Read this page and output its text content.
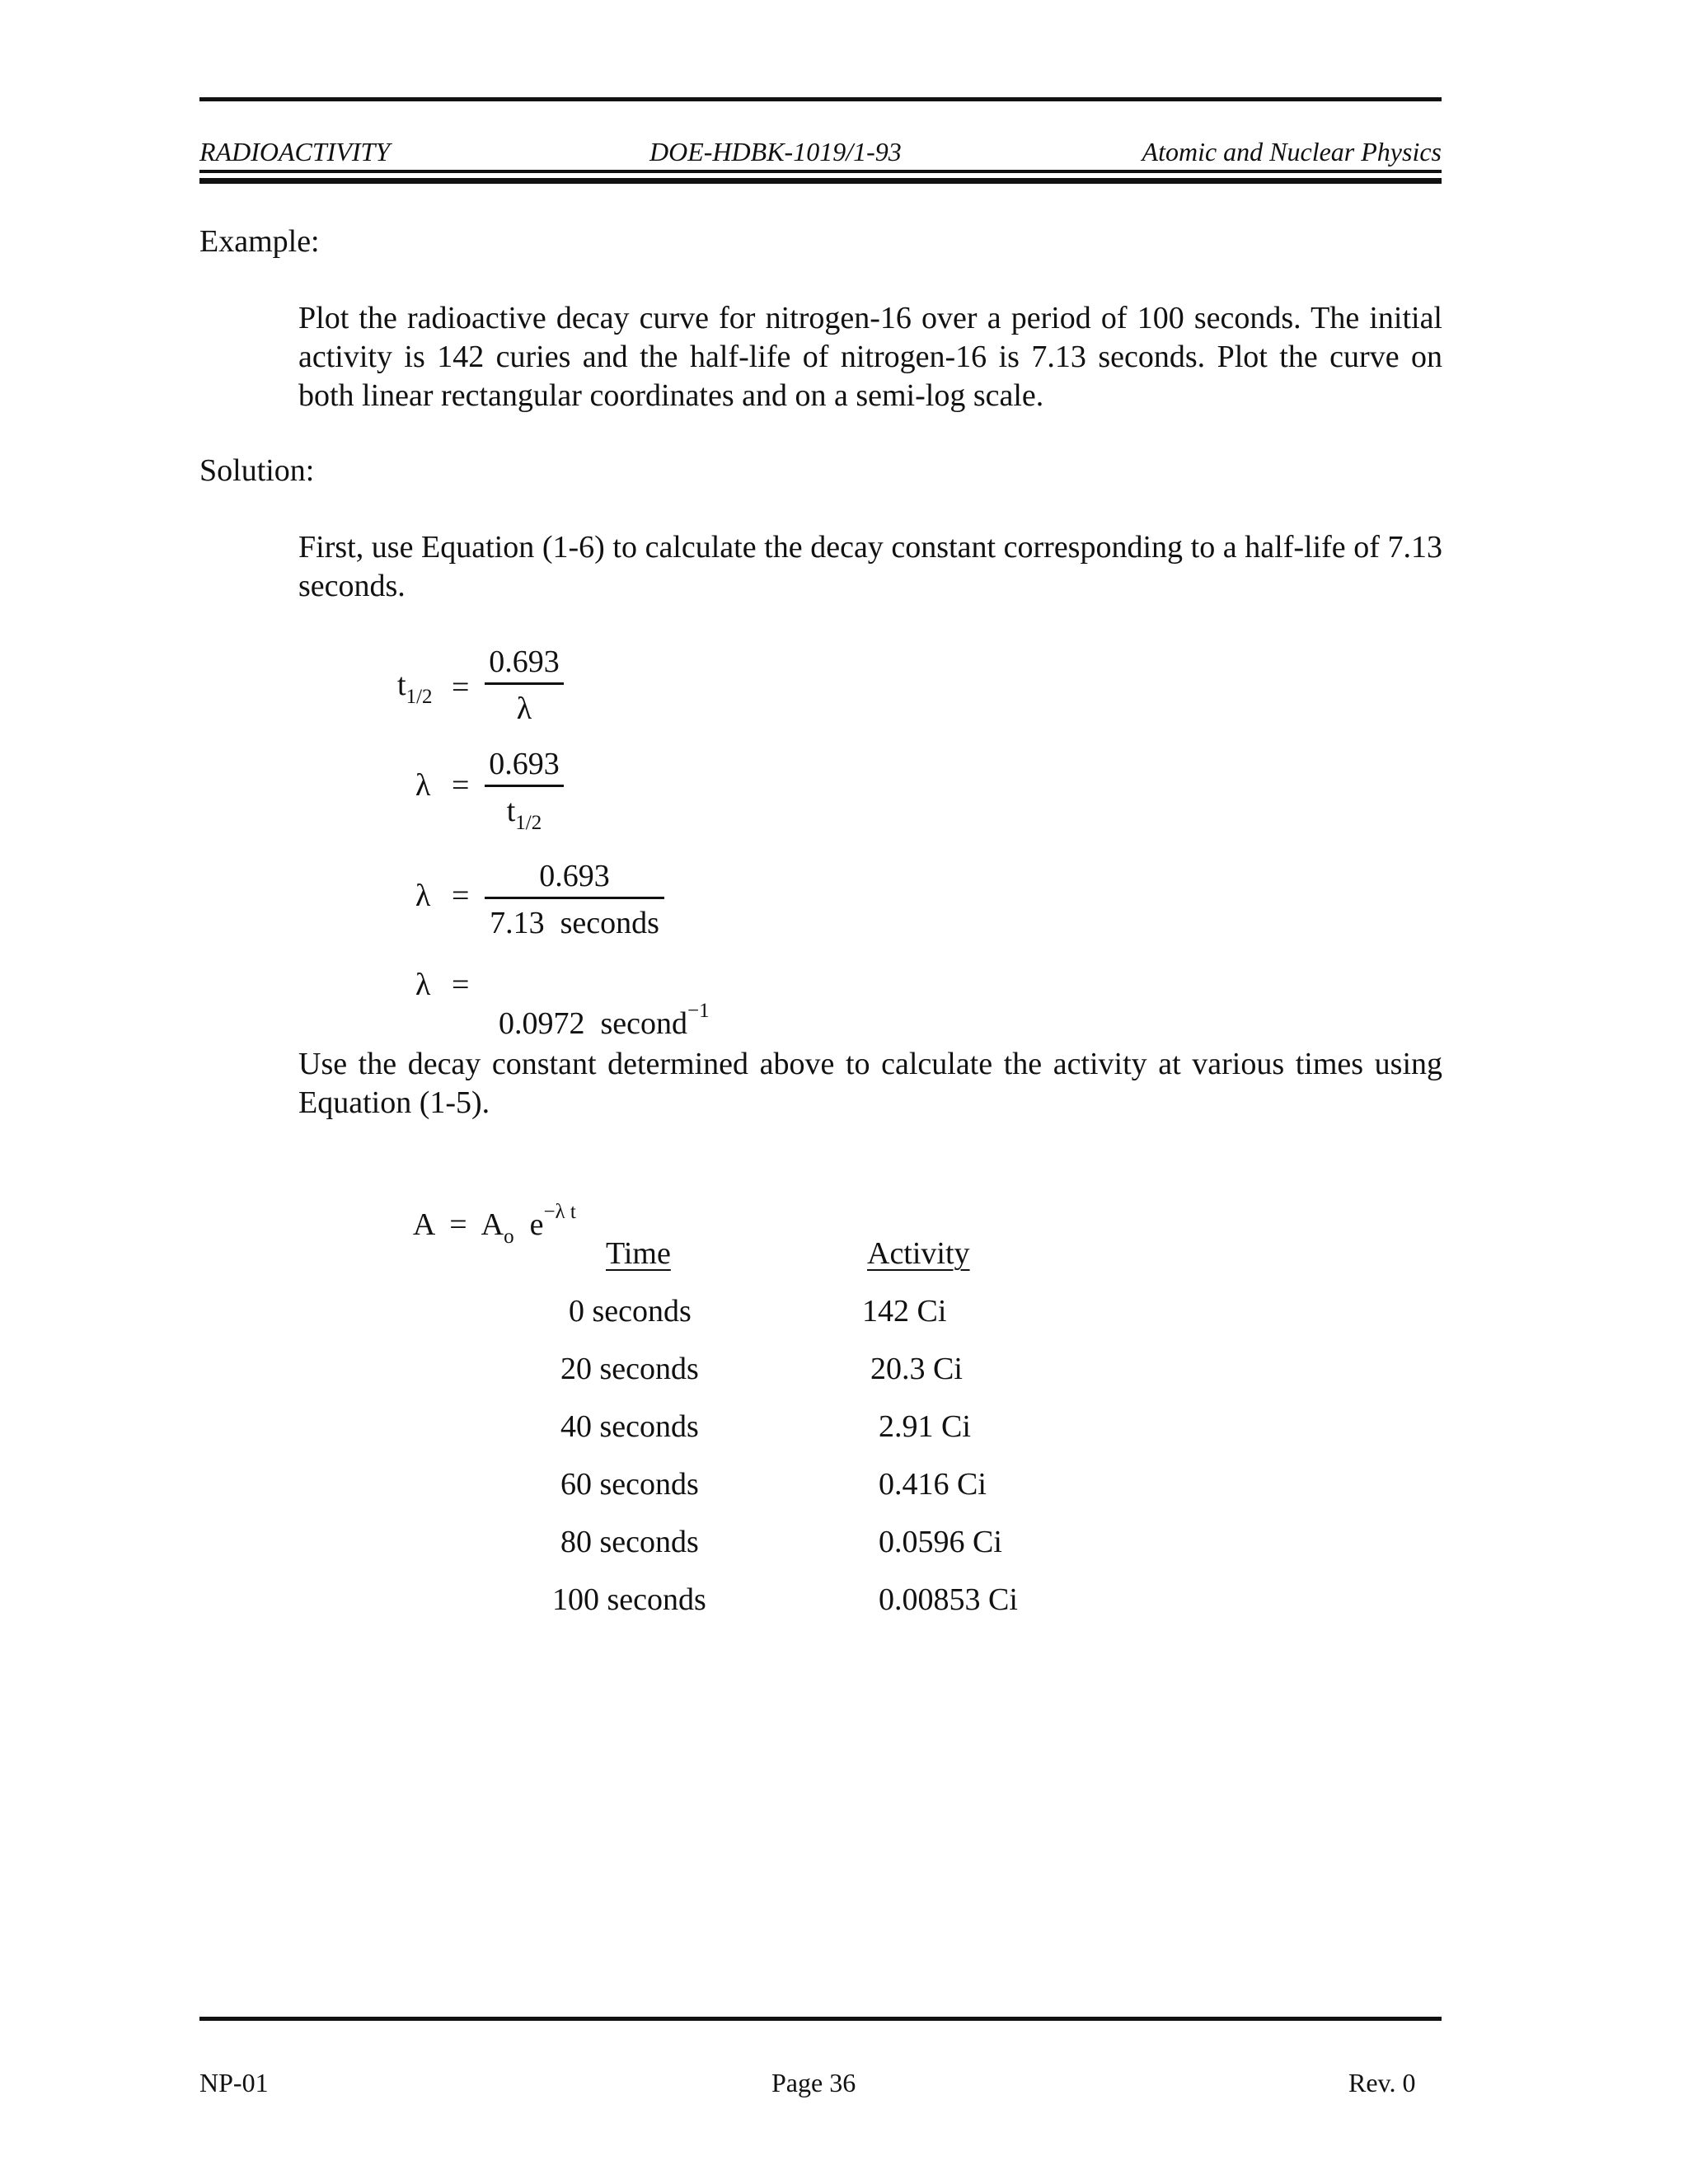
RADIOACTIVITY	DOE-HDBK-1019/1-93	Atomic and Nuclear Physics
Example:
Plot the radioactive decay curve for nitrogen-16 over a period of 100 seconds. The initial activity is 142 curies and the half-life of nitrogen-16 is 7.13 seconds. Plot the curve on both linear rectangular coordinates and on a semi-log scale.
Solution:
First, use Equation (1-6) to calculate the decay constant corresponding to a half-life of 7.13 seconds.
$t_{1/2}$ =
0.693
λ
λ =
0.693
$t_{1/2}$
λ =
0.693
7.13  seconds
λ =

0.0972  second$^{-1}$

Use the decay constant determined above to calculate the activity at various times using Equation (1-5).

$A = A_o$ $e^{-\lambda t}$

Time	Activity
0 seconds	142 Ci
20 seconds	20.3 Ci
40 seconds	2.91 Ci
60 seconds	0.416 Ci
80 seconds	0.0596 Ci
100 seconds	0.00853 Ci
NP-01	Page 36	Rev. 0
